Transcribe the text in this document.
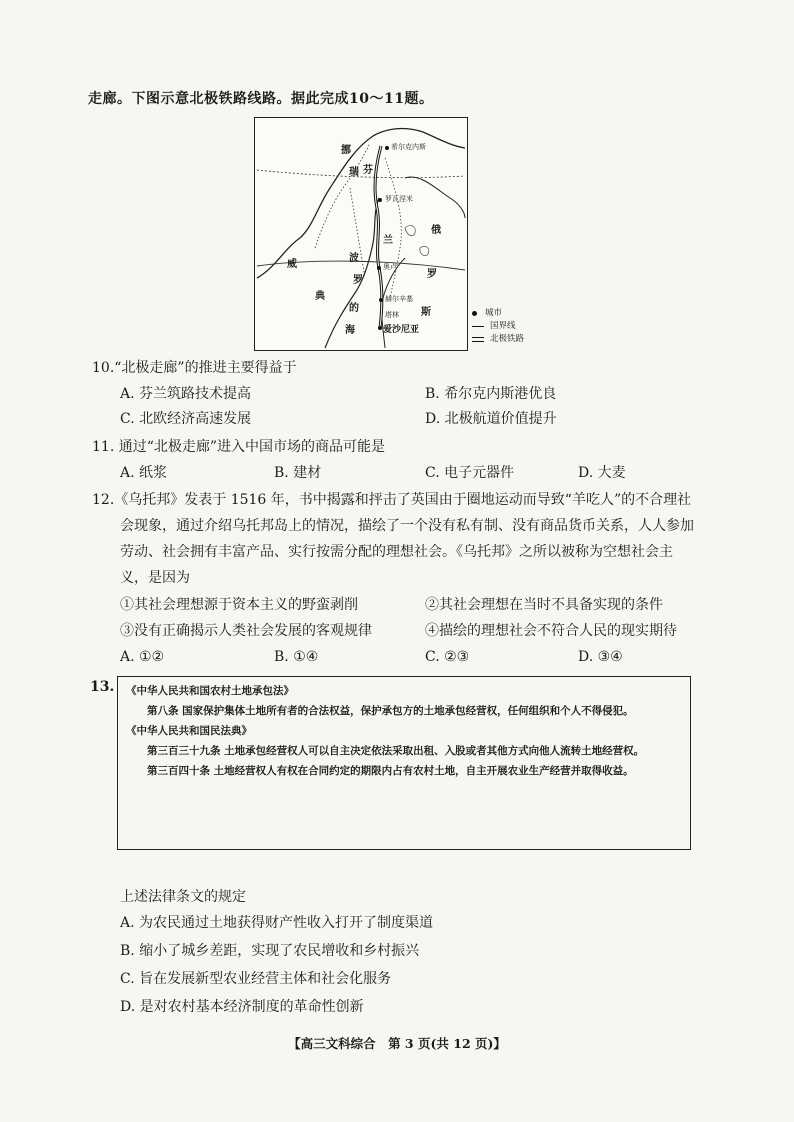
走廊。下图示意北极铁路线路。据此完成10～11题。
挪
威
瑞
典
芬
兰
俄
罗
斯
波
罗
的
海
希尔克内斯
罗瓦涅米
奥卢
赫尔辛基
塔林
爱沙尼亚
城市
国界线
北极铁路
10.“北极走廊”的推进主要得益于
A. 芬兰筑路技术提高	B. 希尔克内斯港优良
C. 北欧经济高速发展	D. 北极航道价值提升
11. 通过“北极走廊”进入中国市场的商品可能是
A. 纸浆	B. 建材	C. 电子元器件	D. 大麦
12.《乌托邦》发表于 1516 年，书中揭露和抨击了英国由于圈地运动而导致“羊吃人”的不合理社
会现象，通过介绍乌托邦岛上的情况，描绘了一个没有私有制、没有商品货币关系，人人参加
劳动、社会拥有丰富产品、实行按需分配的理想社会。《乌托邦》之所以被称为空想社会主
义，是因为
①其社会理想源于资本主义的野蛮剥削	②其社会理想在当时不具备实现的条件
③没有正确揭示人类社会发展的客观规律	④描绘的理想社会不符合人民的现实期待
A. ①②	B. ①④	C. ②③	D. ③④
13. 《中华人民共和国农村土地承包法》

第八条 国家保护集体土地所有者的合法权益，保护承包方的土地承包经营权，任何组织和个人不得侵犯。

《中华人民共和国民法典》

第三百三十九条 土地承包经营权人可以自主决定依法采取出租、入股或者其他方式向他人流转土地经营权。

第三百四十条 土地经营权人有权在合同约定的期限内占有农村土地，自主开展农业生产经营并取得收益。

上述法律条文的规定
A. 为农民通过土地获得财产性收入打开了制度渠道
B. 缩小了城乡差距，实现了农民增收和乡村振兴
C. 旨在发展新型农业经营主体和社会化服务
D. 是对农村基本经济制度的革命性创新
【高三文科综合　第 3 页(共 12 页)】
